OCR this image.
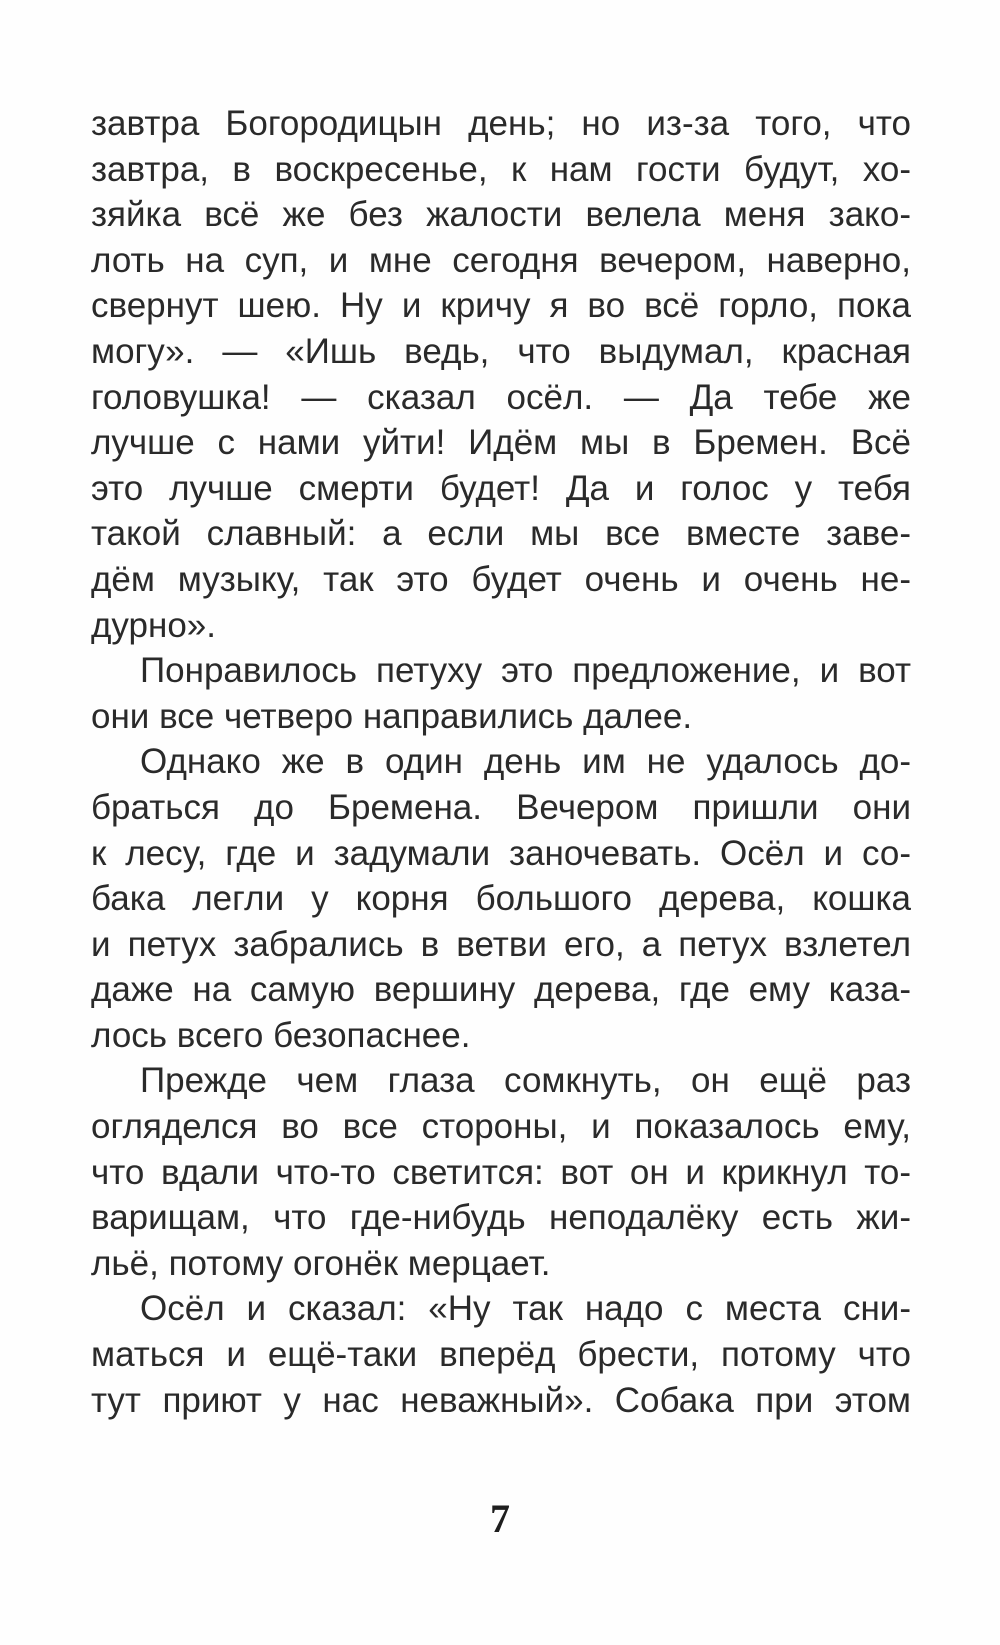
завтра Богородицын день; но из-за того, что
завтра, в воскресенье, к нам гости будут, хо-
зяйка всё же без жалости велела меня зако-
лоть на суп, и мне сегодня вечером, наверно,
свернут шею. Ну и кричу я во всё горло, пока
могу». — «Ишь ведь, что выдумал, красная
головушка! — сказал осёл. — Да тебе же
лучше с нами уйти! Идём мы в Бремен. Всё
это лучше смерти будет! Да и голос у тебя
такой славный: а если мы все вместе заве-
дём музыку, так это будет очень и очень не-
дурно».
Понравилось петуху это предложение, и вот
они все четверо направились далее.
Однако же в один день им не удалось до-
браться до Бремена. Вечером пришли они
к лесу, где и задумали заночевать. Осёл и со-
бака легли у корня большого дерева, кошка
и петух забрались в ветви его, а петух взлетел
даже на самую вершину дерева, где ему каза-
лось всего безопаснее.
Прежде чем глаза сомкнуть, он ещё раз
огляделся во все стороны, и показалось ему,
что вдали что-то светится: вот он и крикнул то-
варищам, что где-нибудь неподалёку есть жи-
льё, потому огонёк мерцает.
Осёл и сказал: «Ну так надо с места сни-
маться и ещё-таки вперёд брести, потому что
тут приют у нас неважный». Собака при этом
7
